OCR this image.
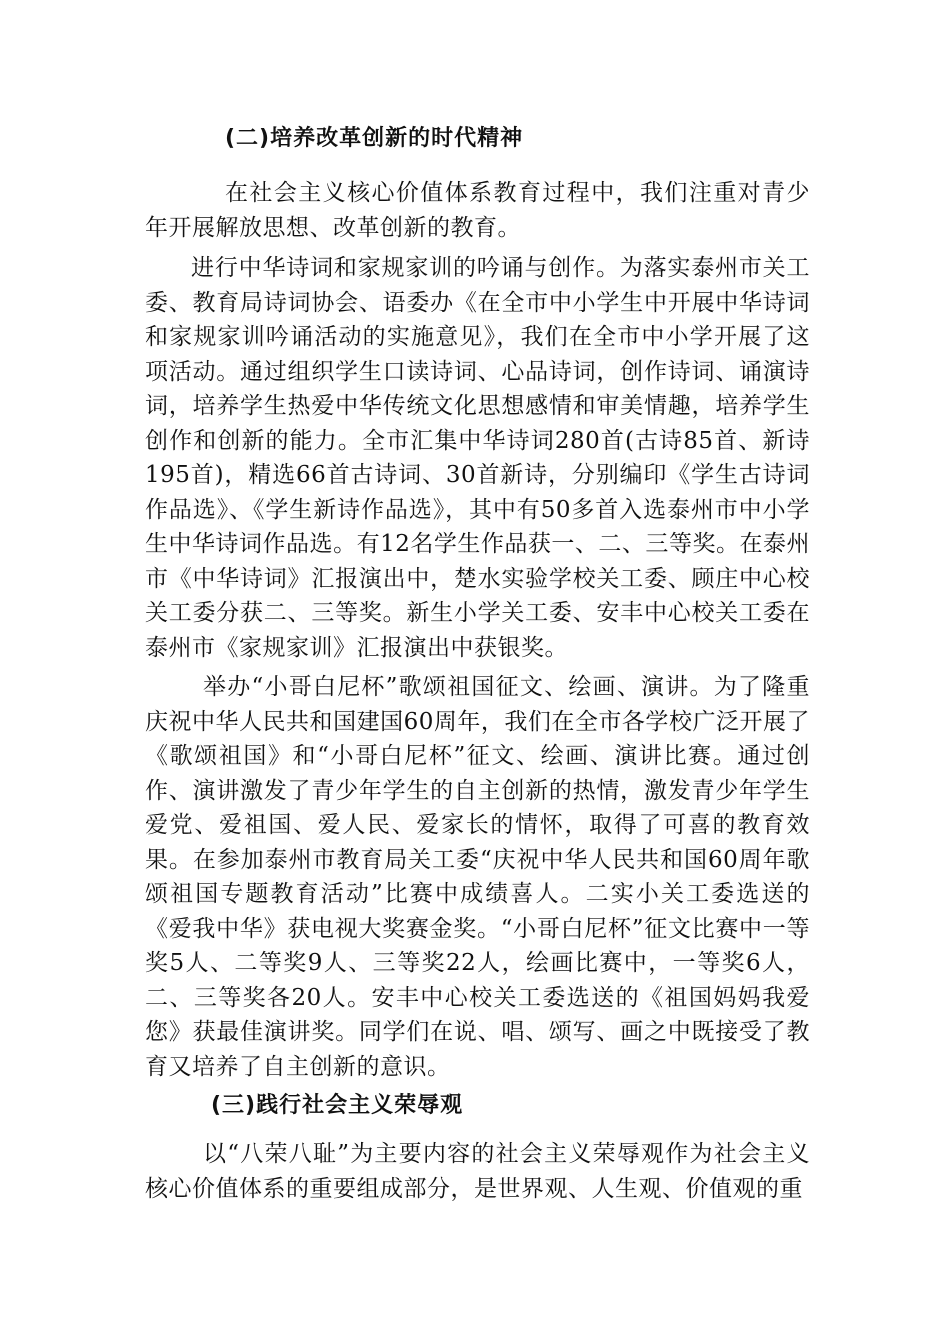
(二)培养改革创新的时代精神

在社会主义核心价值体系教育过程中，我们注重对青少年开展解放思想、改革创新的教育。

进行中华诗词和家规家训的吟诵与创作。为落实泰州市关工委、教育局诗词协会、语委办《在全市中小学生中开展中华诗词和家规家训吟诵活动的实施意见》，我们在全市中小学开展了这项活动。通过组织学生口读诗词、心品诗词，创作诗词、诵演诗词，培养学生热爱中华传统文化思想感情和审美情趣，培养学生创作和创新的能力。全市汇集中华诗词280首(古诗85首、新诗195首)，精选66首古诗词、30首新诗，分别编印《学生古诗词作品选》、《学生新诗作品选》，其中有50多首入选泰州市中小学生中华诗词作品选。有12名学生作品获一、二、三等奖。在泰州市《中华诗词》汇报演出中，楚水实验学校关工委、顾庄中心校关工委分获二、三等奖。新生小学关工委、安丰中心校关工委在泰州市《家规家训》汇报演出中获银奖。

举办“小哥白尼杯”歌颂祖国征文、绘画、演讲。为了隆重庆祝中华人民共和国建国60周年，我们在全市各学校广泛开展了《歌颂祖国》和“小哥白尼杯”征文、绘画、演讲比赛。通过创作、演讲激发了青少年学生的自主创新的热情，激发青少年学生爱党、爱祖国、爱人民、爱家长的情怀，取得了可喜的教育效果。在参加泰州市教育局关工委“庆祝中华人民共和国60周年歌颂祖国专题教育活动”比赛中成绩喜人。二实小关工委选送的《爱我中华》获电视大奖赛金奖。“小哥白尼杯”征文比赛中一等奖5人、二等奖9人、三等奖22人，绘画比赛中，一等奖6人，二、三等奖各20人。安丰中心校关工委选送的《祖国妈妈我爱您》获最佳演讲奖。同学们在说、唱、颂写、画之中既接受了教育又培养了自主创新的意识。

(三)践行社会主义荣辱观

以“八荣八耻”为主要内容的社会主义荣辱观作为社会主义核心价值体系的重要组成部分，是世界观、人生观、价值观的重
